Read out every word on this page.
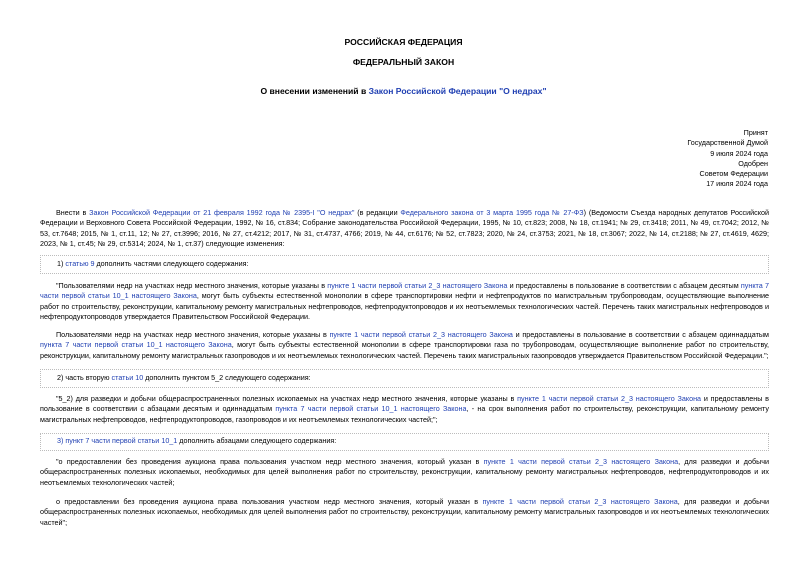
РОССИЙСКАЯ ФЕДЕРАЦИЯ
ФЕДЕРАЛЬНЫЙ ЗАКОН
О внесении изменений в Закон Российской Федерации "О недрах"
Принят
Государственной Думой
9 июля 2024 года
Одобрен
Советом Федерации
17 июля 2024 года

Внести в Закон Российской Федерации от 21 февраля 1992 года № 2395-I "О недрах" (в редакции Федерального закона от 3 марта 1995 года № 27-ФЗ) (Ведомости Съезда народных депутатов Российской Федерации и Верховного Совета Российской Федерации, 1992, № 16, ст.834; Собрание законодательства Российской Федерации, 1995, № 10, ст.823; 2008, № 18, ст.1941; № 29, ст.3418; 2011, № 49, ст.7042; 2012, № 53, ст.7648; 2015, № 1, ст.11, 12; № 27, ст.3996; 2016, № 27, ст.4212; 2017, № 31, ст.4737, 4766; 2019, № 44, ст.6176; № 52, ст.7823; 2020, № 24, ст.3753; 2021, № 18, ст.3067; 2022, № 14, ст.2188; № 27, ст.4619, 4629; 2023, № 1, ст.45; № 29, ст.5314; 2024, № 1, ст.37) следующие изменения:

1) статью 9 дополнить частями следующего содержания:

"Пользователями недр на участках недр местного значения, которые указаны в пункте 1 части первой статьи 2_3 настоящего Закона и предоставлены в пользование в соответствии с абзацем десятым пункта 7 части первой статьи 10_1 настоящего Закона, могут быть субъекты естественной монополии в сфере транспортировки нефти и нефтепродуктов по магистральным трубопроводам, осуществляющие выполнение работ по строительству, реконструкции, капитальному ремонту магистральных нефтепроводов, нефтепродуктопроводов и их неотъемлемых технологических частей. Перечень таких магистральных нефтепроводов и нефтепродуктопроводов утверждается Правительством Российской Федерации.

Пользователями недр на участках недр местного значения, которые указаны в пункте 1 части первой статьи 2_3 настоящего Закона и предоставлены в пользование в соответствии с абзацем одиннадцатым пункта 7 части первой статьи 10_1 настоящего Закона, могут быть субъекты естественной монополии в сфере транспортировки газа по трубопроводам, осуществляющие выполнение работ по строительству, реконструкции, капитальному ремонту магистральных газопроводов и их неотъемлемых технологических частей. Перечень таких магистральных газопроводов утверждается Правительством Российской Федерации.";

2) часть вторую статьи 10 дополнить пунктом 5_2 следующего содержания:

"5_2) для разведки и добычи общераспространенных полезных ископаемых на участках недр местного значения, которые указаны в пункте 1 части первой статьи 2_3 настоящего Закона и предоставлены в пользование в соответствии с абзацами десятым и одиннадцатым пункта 7 части первой статьи 10_1 настоящего Закона, - на срок выполнения работ по строительству, реконструкции, капитальному ремонту магистральных нефтепроводов, нефтепродуктопроводов, газопроводов и их неотъемлемых технологических частей;";

3) пункт 7 части первой статьи 10_1 дополнить абзацами следующего содержания:

"о предоставлении без проведения аукциона права пользования участком недр местного значения, который указан в пункте 1 части первой статьи 2_3 настоящего Закона, для разведки и добычи общераспространенных полезных ископаемых, необходимых для целей выполнения работ по строительству, реконструкции, капитальному ремонту магистральных нефтепроводов, нефтепродуктопроводов и их неотъемлемых технологических частей;

о предоставлении без проведения аукциона права пользования участком недр местного значения, который указан в пункте 1 части первой статьи 2_3 настоящего Закона, для разведки и добычи общераспространенных полезных ископаемых, необходимых для целей выполнения работ по строительству, реконструкции, капитальному ремонту магистральных газопроводов и их неотъемлемых технологических частей";
